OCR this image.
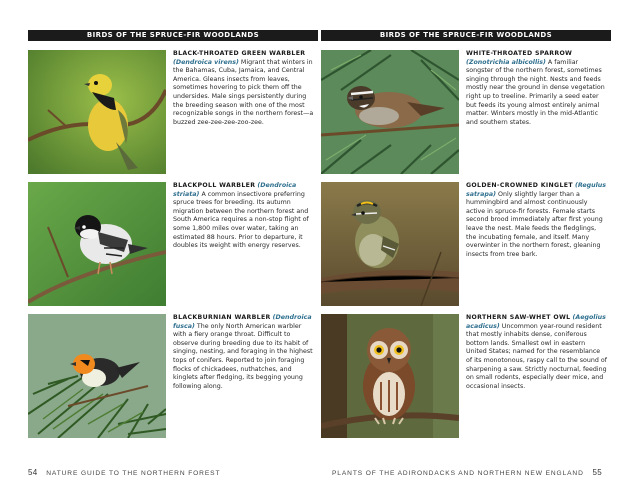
BIRDS OF THE SPRUCE-FIR WOODLANDS
BLACK-THROATED GREEN WARBLER (Dendroica virens) Migrant that winters in the Bahamas, Cuba, Jamaica, and Central America. Gleans insects from leaves, sometimes hovering to pick them off the undersides. Male sings persistently during the breeding season with one of the most recognizable songs in the northern forest—a buzzed zee-zee-zee-zoo-zee.
BLACKPOLL WARBLER (Dendroica striata) A common insectivore preferring spruce trees for breeding. Its autumn migration between the northern forest and South America requires a non-stop flight of some 1,800 miles over water, taking an estimated 88 hours. Prior to departure, it doubles its weight with energy reserves.
BLACKBURNIAN WARBLER (Dendroica fusca) The only North American warbler with a fiery orange throat. Difficult to observe during breeding due to its habit of singing, nesting, and foraging in the highest tops of conifers. Reported to join foraging flocks of chickadees, nuthatches, and kinglets after fledging, its begging young following along.
BIRDS OF THE SPRUCE-FIR WOODLANDS
WHITE-THROATED SPARROW (Zonotrichia albicollis) A familiar songster of the northern forest, sometimes singing through the night. Nests and feeds mostly near the ground in dense vegetation right up to treeline. Primarily a seed eater but feeds its young almost entirely animal matter. Winters mostly in the mid-Atlantic and southern states.
GOLDEN-CROWNED KINGLET (Regulus satrapa) Only slightly larger than a hummingbird and almost continuously active in spruce-fir forests. Female starts second brood immediately after first young leave the nest. Male feeds the fledglings, the incubating female, and itself. Many overwinter in the northern forest, gleaning insects from tree bark.
NORTHERN SAW-WHET OWL (Aegolius acadicus) Uncommon year-round resident that mostly inhabits dense, coniferous bottom lands. Smallest owl in eastern United States; named for the resemblance of its monotonous, raspy call to the sound of sharpening a saw. Strictly nocturnal, feeding on small rodents, especially deer mice, and occasional insects.
54 NATURE GUIDE TO THE NORTHERN FOREST	PLANTS OF THE ADIRONDACKS AND NORTHERN NEW ENGLAND 55
